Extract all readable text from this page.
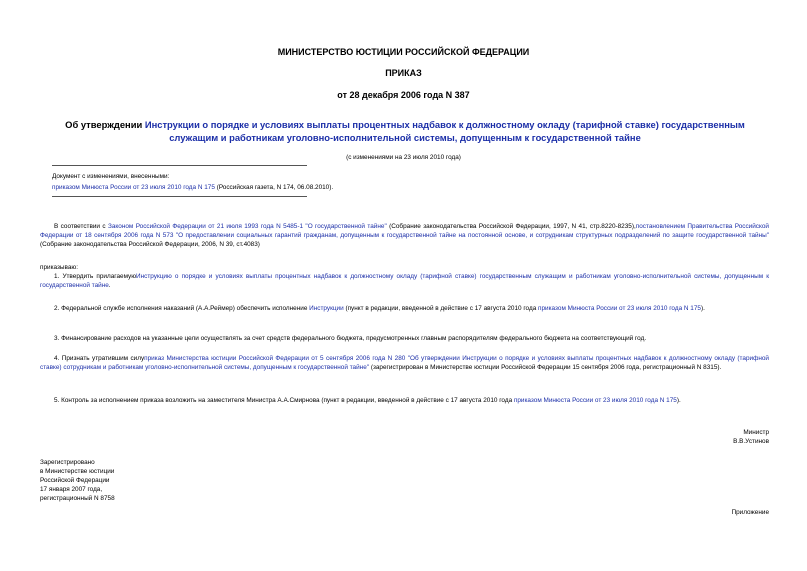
МИНИСТЕРСТВО ЮСТИЦИИ РОССИЙСКОЙ ФЕДЕРАЦИИ
ПРИКАЗ
от 28 декабря 2006 года N 387
Об утверждении Инструкции о порядке и условиях выплаты процентных надбавок к должностному окладу (тарифной ставке) государственным служащим и работникам уголовно-исполнительной системы, допущенным к государственной тайне
(с изменениями на 23 июля 2010 года)
Документ с изменениями, внесенными:
приказом Минюста России от 23 июля 2010 года N 175 (Российская газета, N 174, 06.08.2010).
В соответствии с Законом Российской Федерации от 21 июля 1993 года N 5485-1 "О государственной тайне" (Собрание законодательства Российской Федерации, 1997, N 41, стр.8220-8235),постановлением Правительства Российской Федерации от 18 сентября 2006 года N 573 "О предоставлении социальных гарантий гражданам, допущенным к государственной тайне на постоянной основе, и сотрудникам структурных подразделений по защите государственной тайны" (Собрание законодательства Российской Федерации, 2006, N 39, ст.4083)
приказываю:
1. Утвердить прилагаемуюИнструкцию о порядке и условиях выплаты процентных надбавок к должностному окладу (тарифной ставке) государственным служащим и работникам уголовно-исполнительной системы, допущенным к государственной тайне.
2. Федеральной службе исполнения наказаний (А.А.Реймер) обеспечить исполнение Инструкции (пункт в редакции, введенной в действие с 17 августа 2010 года приказом Минюста России от 23 июля 2010 года N 175).
3. Финансирование расходов на указанные цели осуществлять за счет средств федерального бюджета, предусмотренных главным распорядителям федерального бюджета на соответствующий год.
4. Признать утратившим силуприказ Министерства юстиции Российской Федерации от 5 сентября 2006 года N 280 "Об утверждении Инструкции о порядке и условиях выплаты процентных надбавок к должностному окладу (тарифной ставке) сотрудникам и работникам уголовно-исполнительной системы, допущенным к государственной тайне" (зарегистрирован в Министерстве юстиции Российской Федерации 15 сентября 2006 года, регистрационный N 8315).
5. Контроль за исполнением приказа возложить на заместителя Министра А.А.Смирнова (пункт в редакции, введенной в действие с 17 августа 2010 года приказом Минюста России от 23 июля 2010 года N 175).
Министр
В.В.Устинов
Зарегистрировано
в Министерстве юстиции
Российской Федерации
17 января 2007 года,
регистрационный N 8758
Приложение
